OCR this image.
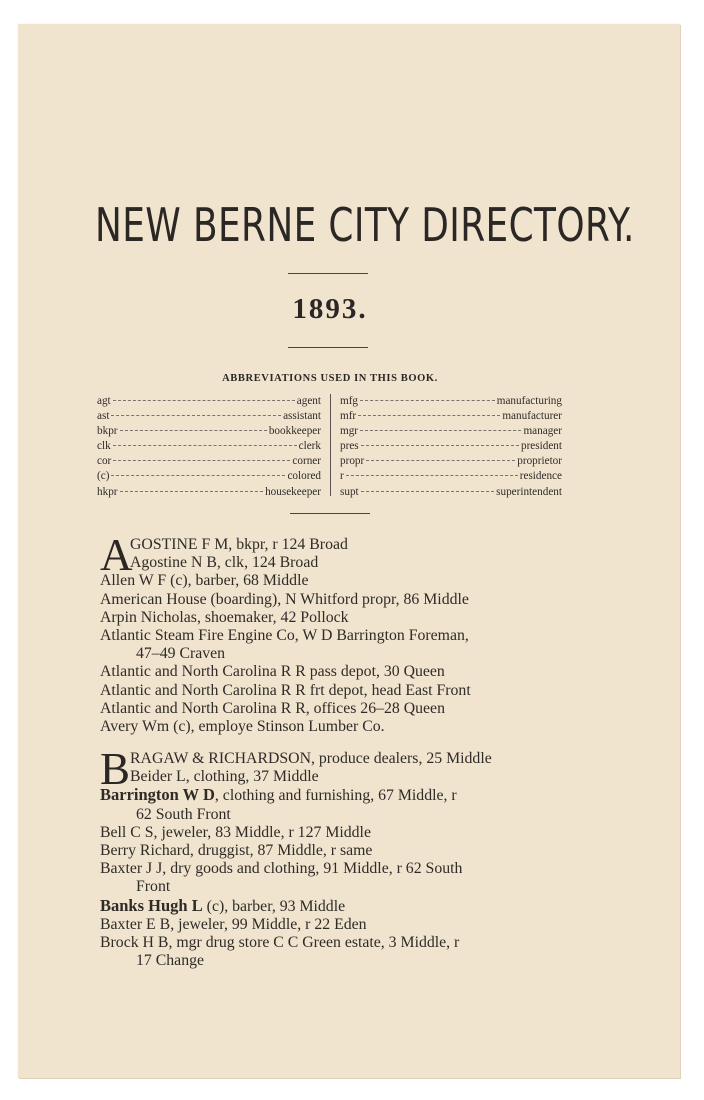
NEW BERNE CITY DIRECTORY.
1893.
ABBREVIATIONS USED IN THIS BOOK.
agt	agent
ast	assistant
bkpr	bookkeeper
clk	clerk
cor	corner
(c)	colored
hkpr	housekeeper
mfg	manufacturing
mfr	manufacturer
mgr	manager
pres	president
propr	proprietor
r	residence
supt	superintendent
A
GOSTINE F M, bkpr, r 124 Broad
Agostine N B, clk, 124 Broad
Allen W F (c), barber, 68 Middle
American House (boarding), N Whitford propr, 86 Middle
Arpin Nicholas, shoemaker, 42 Pollock
Atlantic Steam Fire Engine Co, W D Barrington Foreman,
47–49 Craven
Atlantic and North Carolina R R pass depot, 30 Queen
Atlantic and North Carolina R R frt depot, head East Front
Atlantic and North Carolina R R, offices 26–28 Queen
Avery Wm (c), employe Stinson Lumber Co.
B RAGAW & RICHARDSON, produce dealers, 25 Middle
Beider L, clothing, 37 Middle
Barrington W D, clothing and furnishing, 67 Middle, r
62 South Front
Bell C S, jeweler, 83 Middle, r 127 Middle
Berry Richard, druggist, 87 Middle, r same
Baxter J J, dry goods and clothing, 91 Middle, r 62 South
Front
Banks Hugh L (c), barber, 93 Middle
Baxter E B, jeweler, 99 Middle, r 22 Eden
Brock H B, mgr drug store C C Green estate, 3 Middle, r
17 Change
